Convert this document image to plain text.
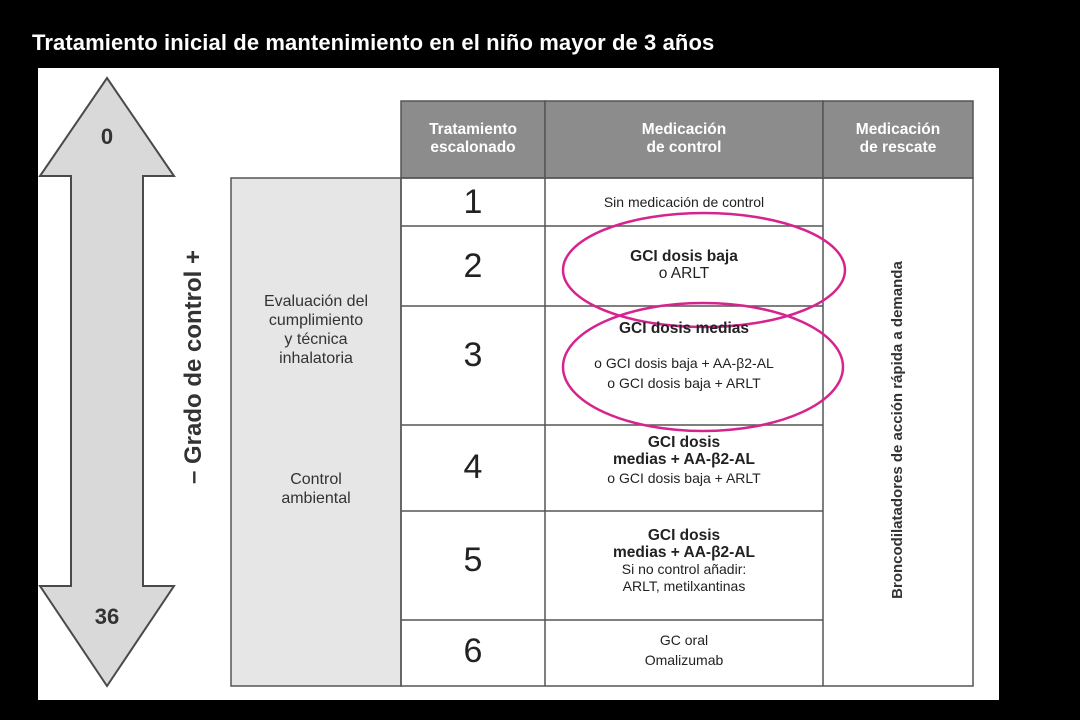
Tratamiento inicial de mantenimiento en el niño mayor de 3 años
0
36
– Grado de control +
Tratamiento
escalonado
Medicación
de control
Medicación
de rescate
Evaluación del
cumplimiento
y técnica
inhalatoria
Control
ambiental	Broncodilatadores de acción rápida a demanda
1
2
3
4
5
6
Sin medicación de control
GCI dosis baja
o ARLT
GCI dosis medias
o GCI dosis baja + AA-β2-AL
o GCI dosis baja + ARLT
GCI dosis
medias + AA-β2-AL
o GCI dosis baja + ARLT
GCI dosis
medias + AA-β2-AL
Si no control añadir:
ARLT, metilxantinas
GC oral
Omalizumab
